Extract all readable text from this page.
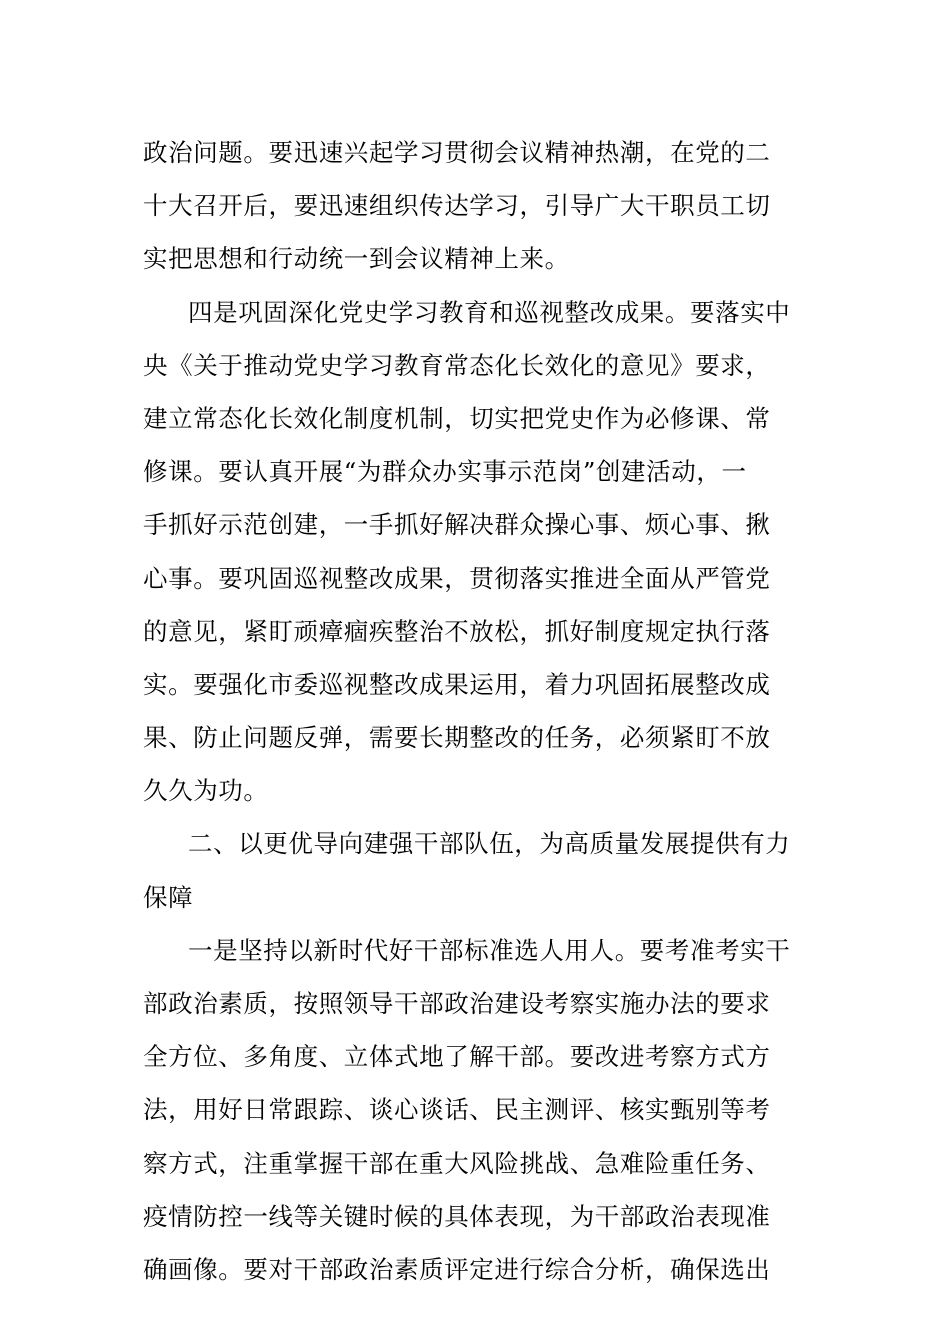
政治问题。要迅速兴起学习贯彻会议精神热潮，在党的二
十大召开后，要迅速组织传达学习，引导广大干职员工切
实把思想和行动统一到会议精神上来。
四是巩固深化党史学习教育和巡视整改成果。要落实中
央《关于推动党史学习教育常态化长效化的意见》要求，
建立常态化长效化制度机制，切实把党史作为必修课、常
修课。要认真开展“为群众办实事示范岗”创建活动，一
手抓好示范创建，一手抓好解决群众操心事、烦心事、揪
心事。要巩固巡视整改成果，贯彻落实推进全面从严管党
的意见，紧盯顽瘴痼疾整治不放松，抓好制度规定执行落
实。要强化市委巡视整改成果运用，着力巩固拓展整改成
果、防止问题反弹，需要长期整改的任务，必须紧盯不放
久久为功。
二、以更优导向建强干部队伍，为高质量发展提供有力
保障
一是坚持以新时代好干部标准选人用人。要考准考实干
部政治素质，按照领导干部政治建设考察实施办法的要求
全方位、多角度、立体式地了解干部。要改进考察方式方
法，用好日常跟踪、谈心谈话、民主测评、核实甄别等考
察方式，注重掌握干部在重大风险挑战、急难险重任务、
疫情防控一线等关键时候的具体表现，为干部政治表现准
确画像。要对干部政治素质评定进行综合分析，确保选出
